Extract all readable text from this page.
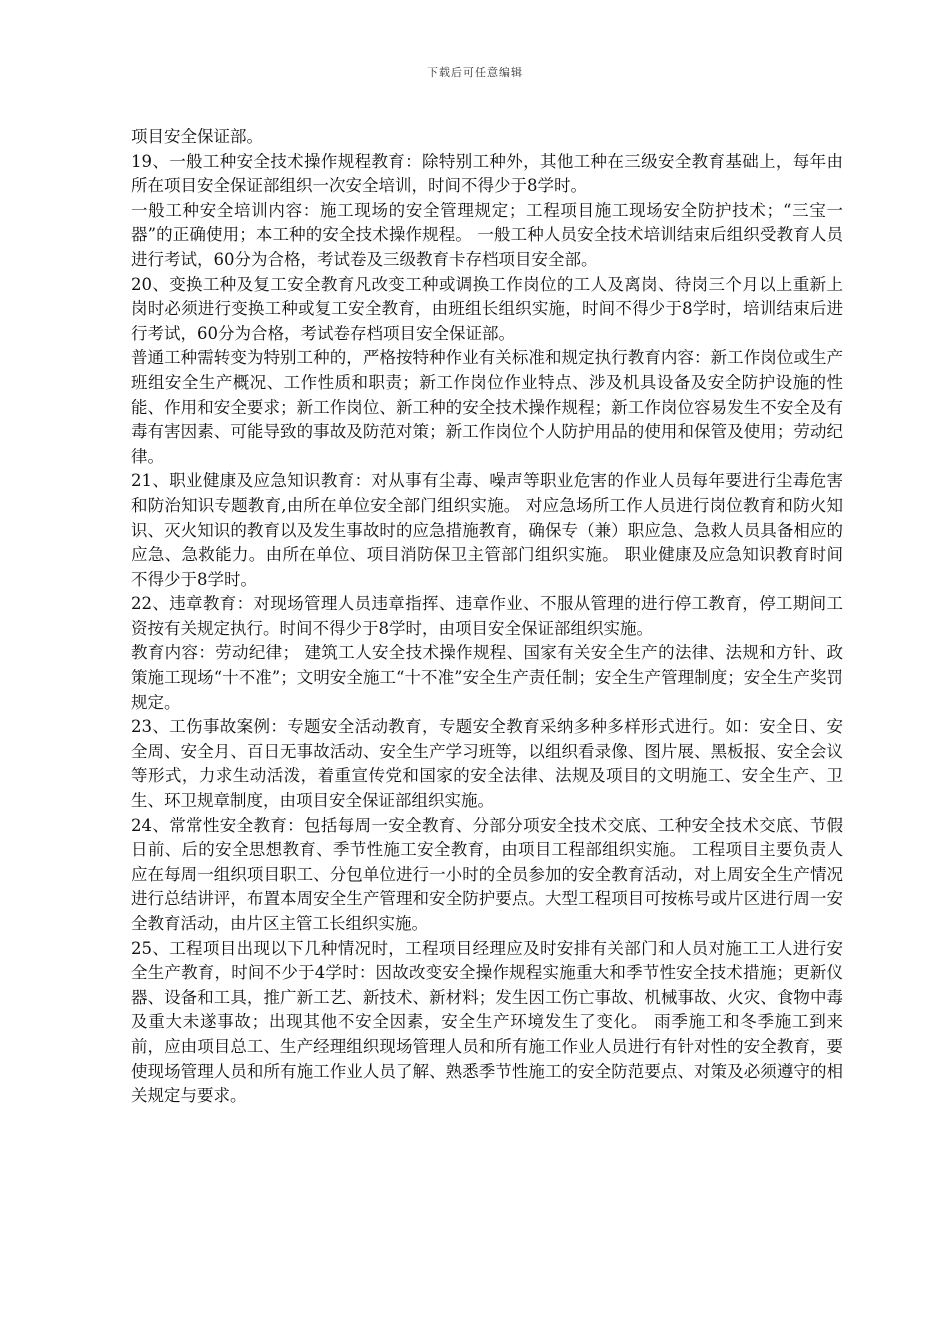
下载后可任意编辑

项目安全保证部。

19、一般工种安全技术操作规程教育：除特别工种外，其他工种在三级安全教育基础上，每年由所在项目安全保证部组织一次安全培训，时间不得少于8学时。

一般工种安全培训内容：施工现场的安全管理规定；工程项目施工现场安全防护技术；“三宝一器”的正确使用；本工种的安全技术操作规程。 一般工种人员安全技术培训结束后组织受教育人员进行考试，60分为合格，考试卷及三级教育卡存档项目安全部。

20、变换工种及复工安全教育凡改变工种或调换工作岗位的工人及离岗、待岗三个月以上重新上岗时必须进行变换工种或复工安全教育，由班组长组织实施，时间不得少于8学时，培训结束后进行考试，60分为合格，考试卷存档项目安全保证部。

普通工种需转变为特别工种的，严格按特种作业有关标准和规定执行教育内容：新工作岗位或生产班组安全生产概况、工作性质和职责；新工作岗位作业特点、涉及机具设备及安全防护设施的性能、作用和安全要求；新工作岗位、新工种的安全技术操作规程；新工作岗位容易发生不安全及有毒有害因素、可能导致的事故及防范对策；新工作岗位个人防护用品的使用和保管及使用；劳动纪律。

21、职业健康及应急知识教育：对从事有尘毒、噪声等职业危害的作业人员每年要进行尘毒危害和防治知识专题教育,由所在单位安全部门组织实施。 对应急场所工作人员进行岗位教育和防火知识、灭火知识的教育以及发生事故时的应急措施教育，确保专（兼）职应急、急救人员具备相应的应急、急救能力。由所在单位、项目消防保卫主管部门组织实施。 职业健康及应急知识教育时间不得少于8学时。

22、违章教育：对现场管理人员违章指挥、违章作业、不服从管理的进行停工教育，停工期间工资按有关规定执行。时间不得少于8学时，由项目安全保证部组织实施。

教育内容：劳动纪律； 建筑工人安全技术操作规程、国家有关安全生产的法律、法规和方针、政策施工现场“十不准”；文明安全施工“十不准”安全生产责任制；安全生产管理制度；安全生产奖罚规定。

23、工伤事故案例：专题安全活动教育，专题安全教育采纳多种多样形式进行。如：安全日、安全周、安全月、百日无事故活动、安全生产学习班等，以组织看录像、图片展、黑板报、安全会议等形式，力求生动活泼，着重宣传党和国家的安全法律、法规及项目的文明施工、安全生产、卫生、环卫规章制度，由项目安全保证部组织实施。

24、常常性安全教育：包括每周一安全教育、分部分项安全技术交底、工种安全技术交底、节假日前、后的安全思想教育、季节性施工安全教育，由项目工程部组织实施。 工程项目主要负责人应在每周一组织项目职工、分包单位进行一小时的全员参加的安全教育活动，对上周安全生产情况进行总结讲评，布置本周安全生产管理和安全防护要点。大型工程项目可按栋号或片区进行周一安全教育活动，由片区主管工长组织实施。

25、工程项目出现以下几种情况时，工程项目经理应及时安排有关部门和人员对施工工人进行安全生产教育，时间不少于4学时：因故改变安全操作规程实施重大和季节性安全技术措施；更新仪器、设备和工具，推广新工艺、新技术、新材料；发生因工伤亡事故、机械事故、火灾、食物中毒及重大未遂事故；出现其他不安全因素，安全生产环境发生了变化。 雨季施工和冬季施工到来前，应由项目总工、生产经理组织现场管理人员和所有施工作业人员进行有针对性的安全教育，要使现场管理人员和所有施工作业人员了解、熟悉季节性施工的安全防范要点、对策及必须遵守的相关规定与要求。
